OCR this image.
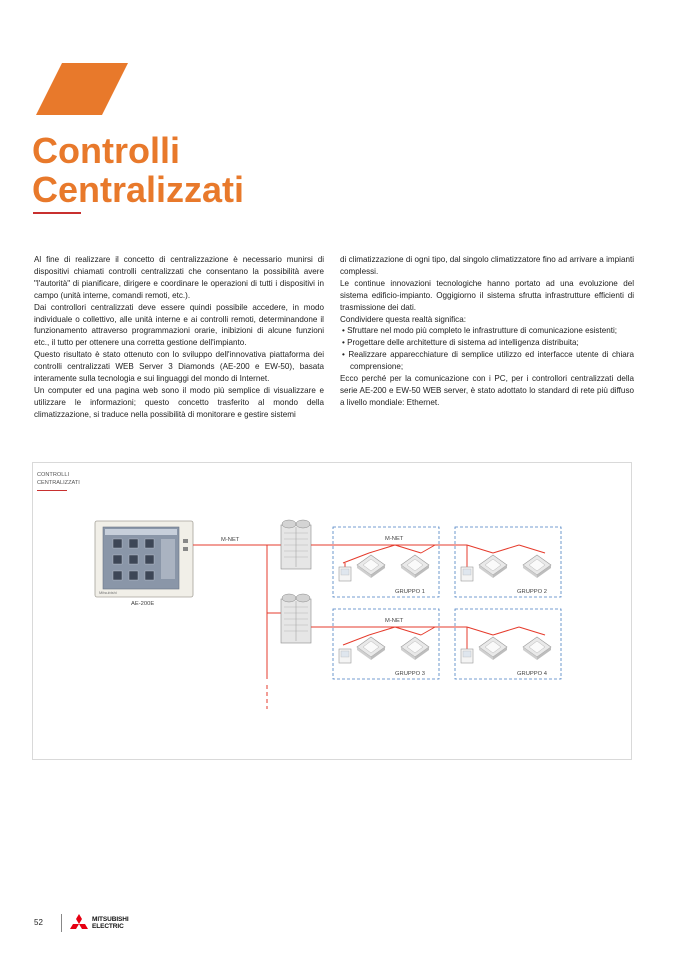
Controlli
Centralizzati

Al fine di realizzare il concetto di centralizzazione è necessario munirsi di dispositivi chiamati controlli centralizzati che consentano la possibilità avere "l'autorità" di pianificare, dirigere e coordinare le operazioni di tutti i dispositivi in campo (unità interne, comandi remoti, etc.).

Dai controllori centralizzati deve essere quindi possibile accedere, in modo individuale o collettivo, alle unità interne e ai controlli remoti, determinandone il funzionamento attraverso programmazioni orarie, inibizioni di alcune funzioni etc., il tutto per ottenere una corretta gestione dell'impianto.

Questo risultato è stato ottenuto con lo sviluppo dell'innovativa piattaforma dei controlli centralizzati WEB Server 3 Diamonds (AE-200 e EW-50), basata interamente sulla tecnologia e sui linguaggi del mondo di Internet.

Un computer ed una pagina web sono il modo più semplice di visualizzare e utilizzare le informazioni; questo concetto trasferito al mondo della climatizzazione, si traduce nella possibilità di monitorare e gestire sistemi

di climatizzazione di ogni tipo, dal singolo climatizzatore fino ad arrivare a impianti complessi.

Le continue innovazioni tecnologiche hanno portato ad una evoluzione del sistema edificio-impianto. Oggigiorno il sistema sfrutta infrastrutture efficienti di trasmissione dei dati.

Condividere questa realtà significa:

• Sfruttare nel modo più completo le infrastrutture di comunicazione esistenti;

• Progettare delle architetture di sistema ad intelligenza distribuita;

• Realizzare apparecchiature di semplice utilizzo ed interfacce utente di chiara comprensione;

Ecco perché per la comunicazione con i PC, per i controllori centralizzati della serie AE-200 e EW-50 WEB server, è stato adottato lo standard di rete più diffuso a livello mondiale: Ethernet.

CONTROLLI
CENTRALIZZATI
Mitsubishi
AE-200E
M-NET	M-NET
M-NET
GRUPPO 1	GRUPPO 2
GRUPPO 3	GRUPPO 4
52	MITSUBISHI
ELECTRIC
